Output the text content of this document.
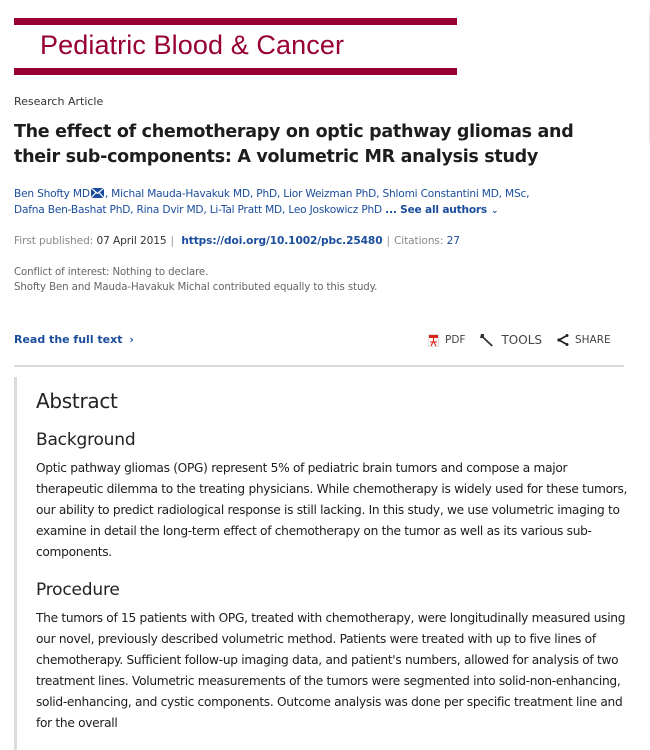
Pediatric Blood & Cancer
Research Article
The effect of chemotherapy on optic pathway gliomas and their sub-components: A volumetric MR analysis study
Ben Shofty MD , Michal Mauda-Havakuk MD, PhD, Lior Weizman PhD, Shlomi Constantini MD, MSc,
Dafna Ben-Bashat PhD, Rina Dvir MD, Li-Tal Pratt MD, Leo Joskowicz PhD ... See all authors ⌄
First published: 07 April 2015 | https://doi.org/10.1002/pbc.25480 | Citations: 27
Conflict of interest: Nothing to declare.
Shofty Ben and Mauda-Havakuk Michal contributed equally to this study.
Read the full text ›	PDF	TOOLS	SHARE
Abstract
Background

Optic pathway gliomas (OPG) represent 5% of pediatric brain tumors and compose a major therapeutic dilemma to the treating physicians. While chemotherapy is widely used for these tumors, our ability to predict radiological response is still lacking. In this study, we use volumetric imaging to examine in detail the long-term effect of chemotherapy on the tumor as well as its various sub-components.

Procedure

The tumors of 15 patients with OPG, treated with chemotherapy, were longitudinally measured using our novel, previously described volumetric method. Patients were treated with up to five lines of chemotherapy. Sufficient follow-up imaging data, and patient's numbers, allowed for analysis of two treatment lines. Volumetric measurements of the tumors were segmented into solid-non-enhancing, solid-enhancing, and cystic components. Outcome analysis was done per specific treatment line and for the overall
